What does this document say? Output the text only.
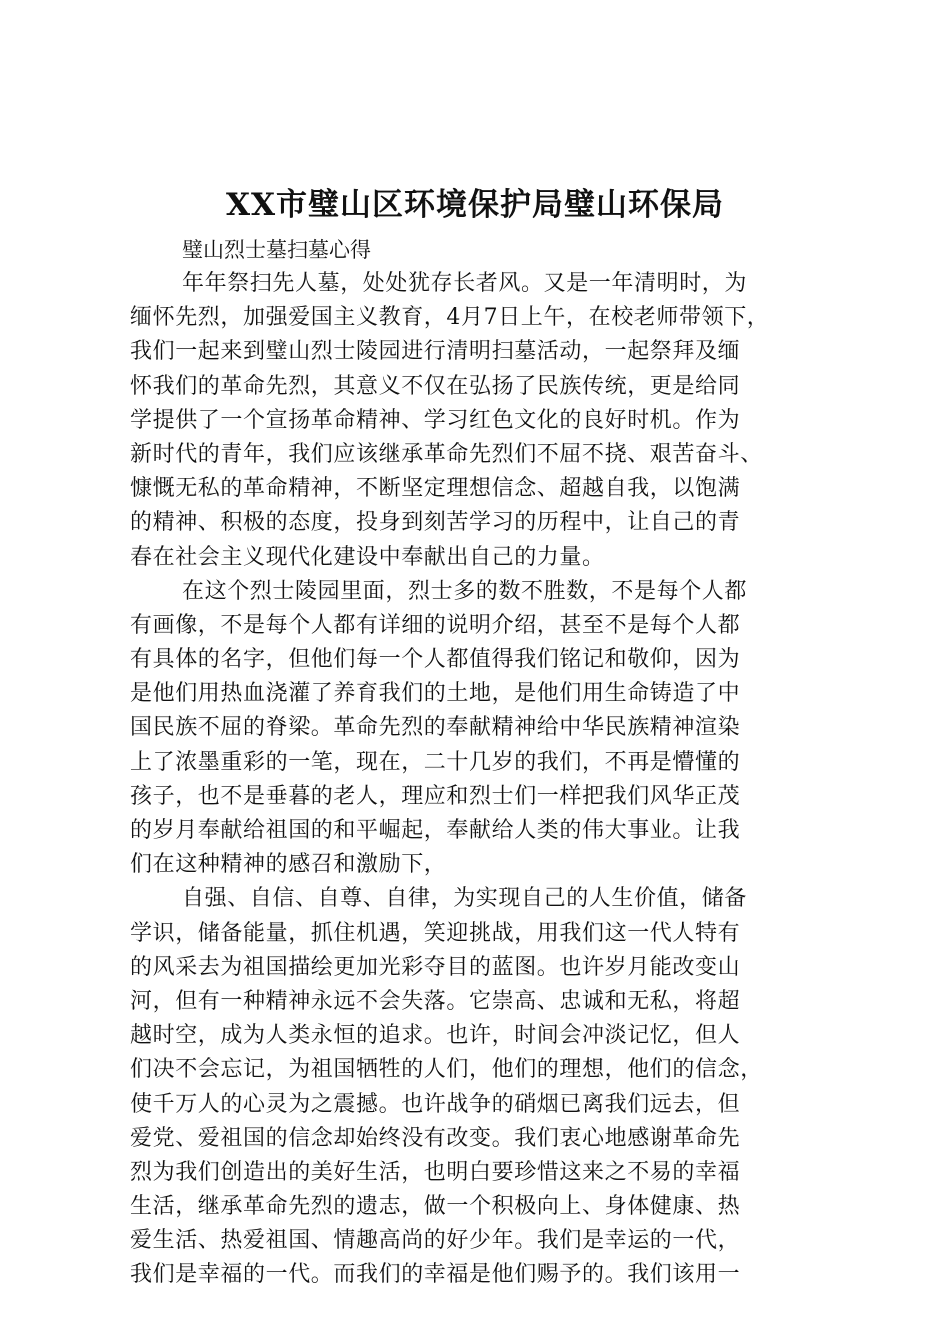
XX市璧山区环境保护局璧山环保局

璧山烈士墓扫墓心得

年年祭扫先人墓，处处犹存长者风。又是一年清明时，为
缅怀先烈，加强爱国主义教育，4月7日上午，在校老师带领下，
我们一起来到璧山烈士陵园进行清明扫墓活动，一起祭拜及缅
怀我们的革命先烈，其意义不仅在弘扬了民族传统，更是给同
学提供了一个宣扬革命精神、学习红色文化的良好时机。作为
新时代的青年，我们应该继承革命先烈们不屈不挠、艰苦奋斗、
慷慨无私的革命精神，不断坚定理想信念、超越自我，以饱满
的精神、积极的态度，投身到刻苦学习的历程中，让自己的青
春在社会主义现代化建设中奉献出自己的力量。
在这个烈士陵园里面，烈士多的数不胜数，不是每个人都
有画像，不是每个人都有详细的说明介绍，甚至不是每个人都
有具体的名字，但他们每一个人都值得我们铭记和敬仰，因为
是他们用热血浇灌了养育我们的土地，是他们用生命铸造了中
国民族不屈的脊梁。革命先烈的奉献精神给中华民族精神渲染
上了浓墨重彩的一笔，现在，二十几岁的我们，不再是懵懂的
孩子，也不是垂暮的老人，理应和烈士们一样把我们风华正茂
的岁月奉献给祖国的和平崛起，奉献给人类的伟大事业。让我
们在这种精神的感召和激励下，
自强、自信、自尊、自律，为实现自己的人生价值，储备
学识，储备能量，抓住机遇，笑迎挑战，用我们这一代人特有
的风采去为祖国描绘更加光彩夺目的蓝图。也许岁月能改变山
河，但有一种精神永远不会失落。它崇高、忠诚和无私，将超
越时空，成为人类永恒的追求。也许，时间会冲淡记忆，但人
们决不会忘记，为祖国牺牲的人们，他们的理想，他们的信念，
使千万人的心灵为之震撼。也许战争的硝烟已离我们远去，但
爱党、爱祖国的信念却始终没有改变。我们衷心地感谢革命先
烈为我们创造出的美好生活，也明白要珍惜这来之不易的幸福
生活，继承革命先烈的遗志，做一个积极向上、身体健康、热
爱生活、热爱祖国、情趣高尚的好少年。我们是幸运的一代，
我们是幸福的一代。而我们的幸福是他们赐予的。我们该用一
